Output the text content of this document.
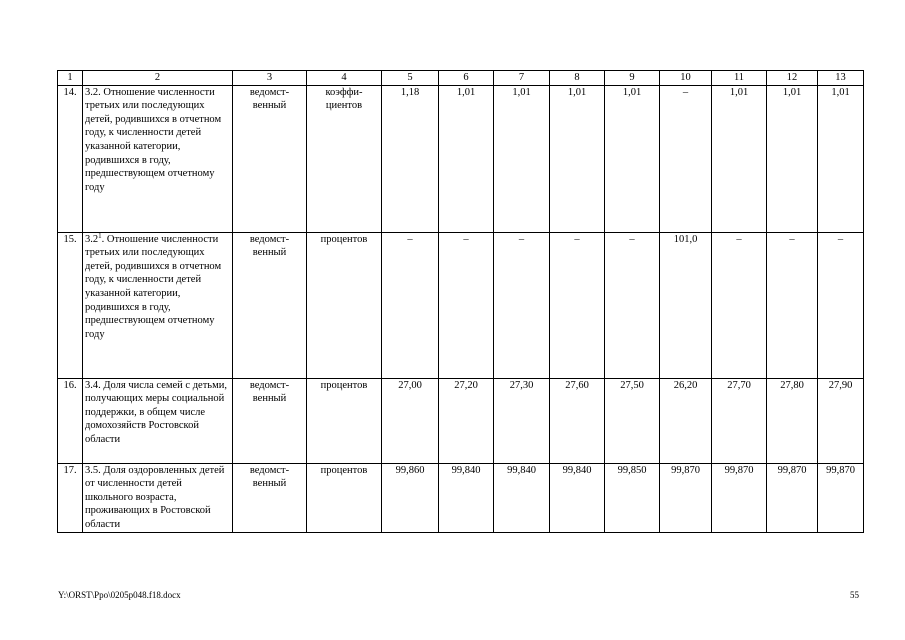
1	2	3	4	5	6	7	8	9	10	11	12	13
14.	3.2. Отношение численности третьих или последующих детей, родившихся в отчетном году, к численности детей указанной категории, родившихся в году, предшествующем отчетному году	ведомст-венный	коэффи-циентов	1,18	1,01	1,01	1,01	1,01	–	1,01	1,01	1,01
15.	$3.2^1$. Отношение численности третьих или последующих детей, родившихся в отчетном году, к численности детей указанной категории, родившихся в году, предшествующем отчетному году	ведомст-венный	процентов	–	–	–	–	–	101,0	–	–	–
16.	3.4. Доля числа семей с детьми, получающих меры социальной поддержки, в общем числе домохозяйств Ростовской области	ведомст-венный	процентов	27,00	27,20	27,30	27,60	27,50	26,20	27,70	27,80	27,90
17.	3.5. Доля оздоровленных детей от численности детей школьного возраста, проживающих в Ростовской области	ведомст-венный	процентов	99,860	99,840	99,840	99,840	99,850	99,870	99,870	99,870	99,870
Y:\ORST\Ppo\0205p048.f18.docx	55
